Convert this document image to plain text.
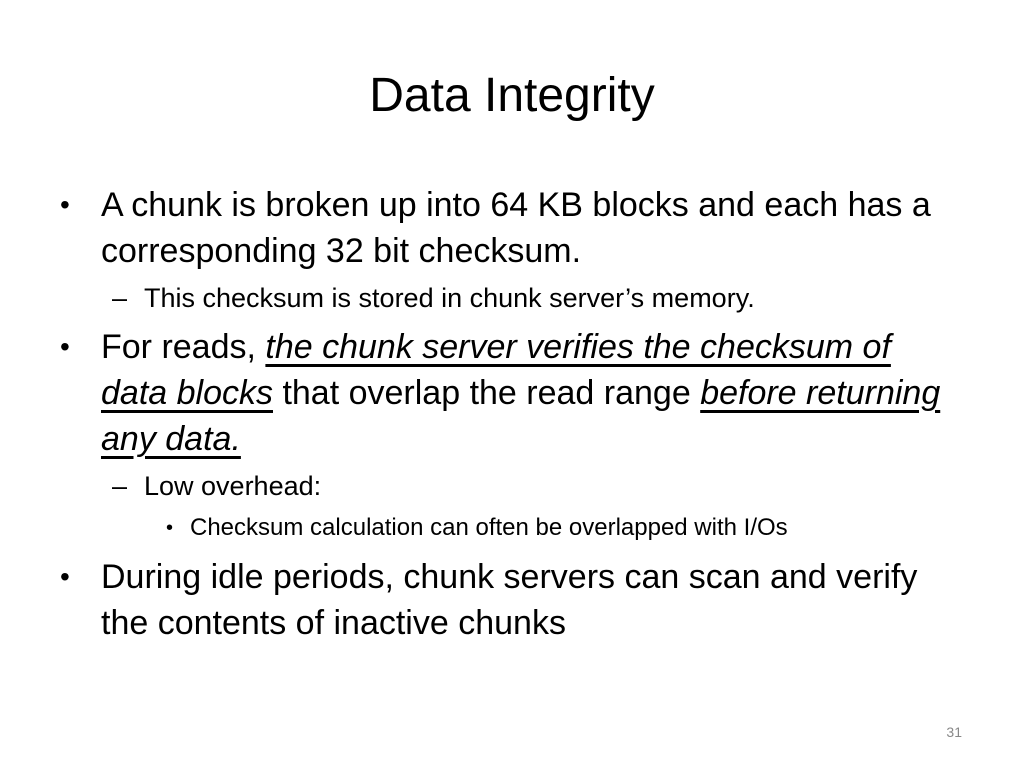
Data Integrity
• A chunk is broken up into 64 KB blocks and each has a corresponding 32 bit checksum.
– This checksum is stored in chunk server’s memory.
• For reads, the chunk server verifies the checksum of data blocks that overlap the read range before returning any data.
– Low overhead:
• Checksum calculation can often be overlapped with I/Os
• During idle periods, chunk servers can scan and verify the contents of inactive chunks
31
